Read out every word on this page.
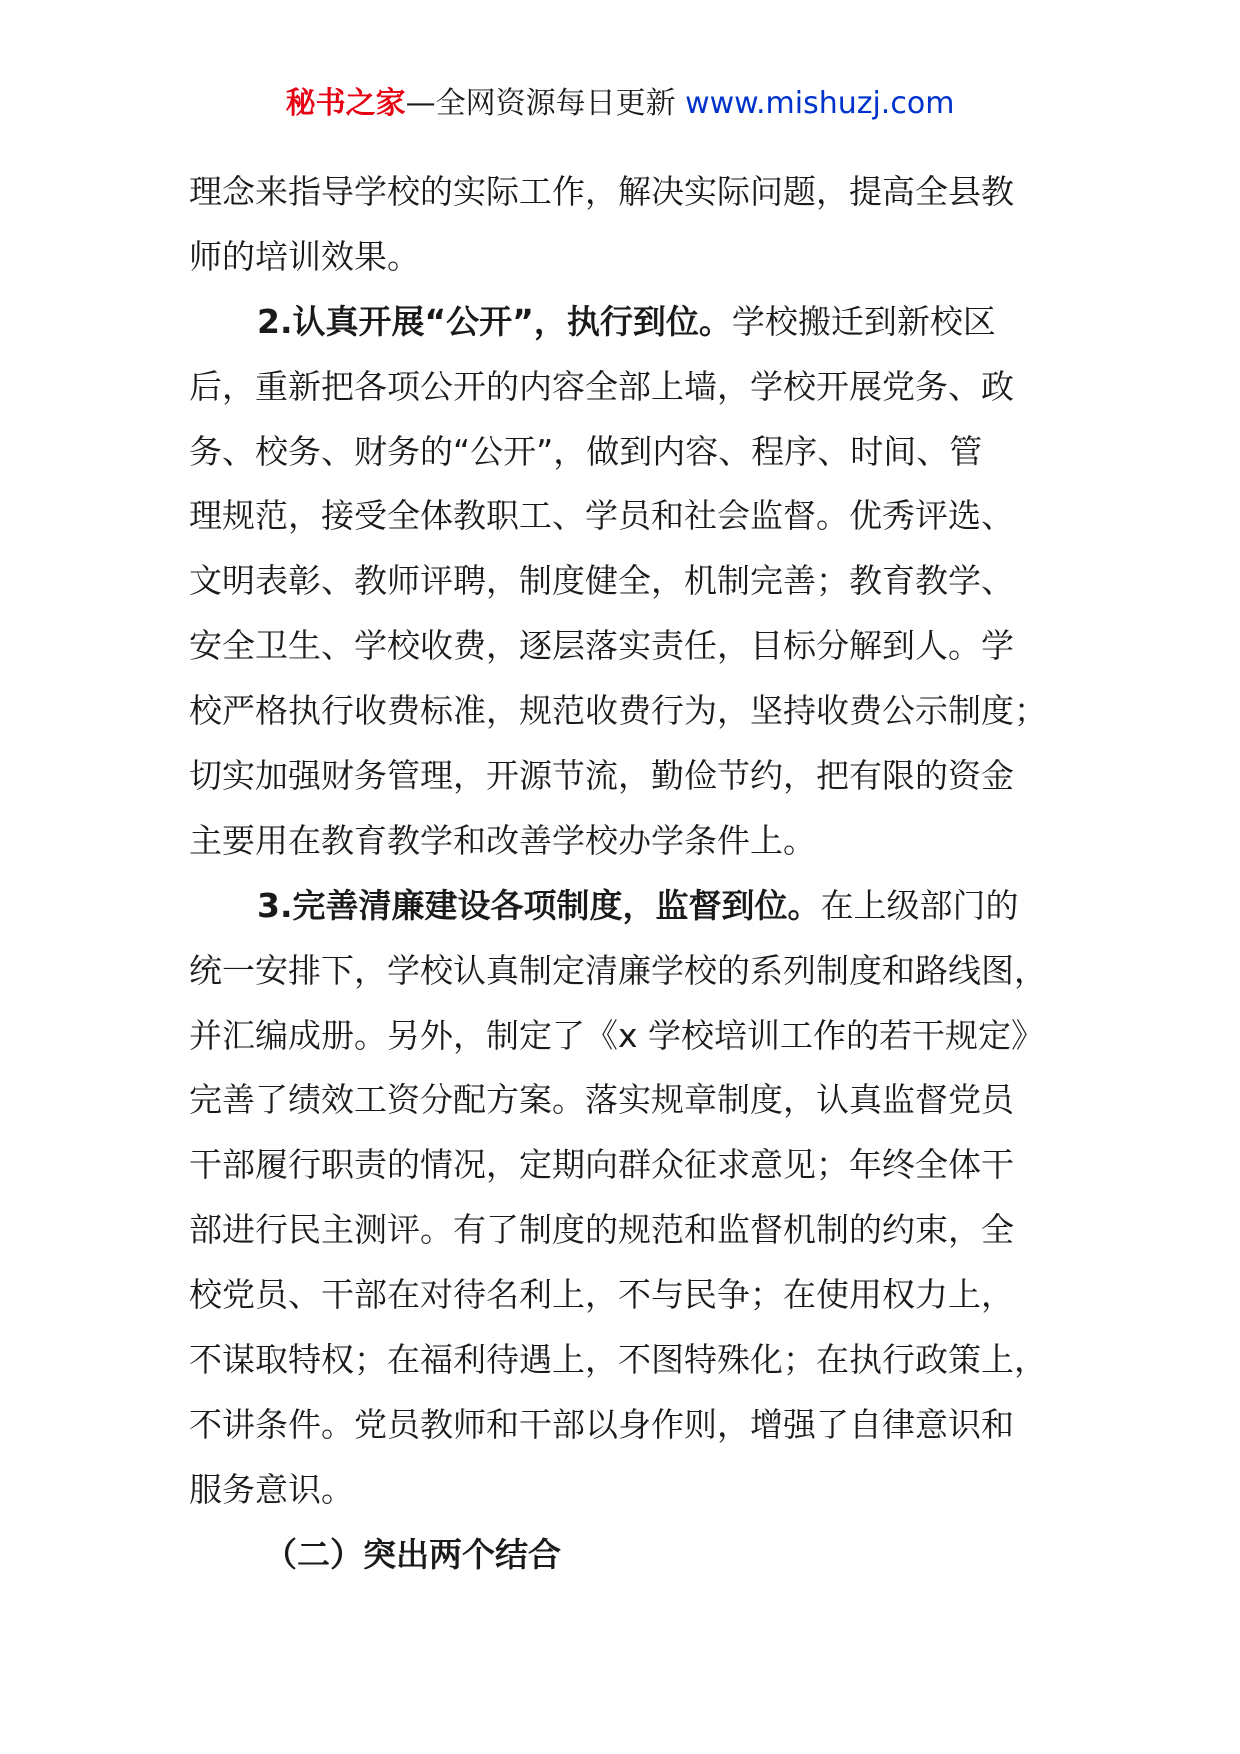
秘书之家—全网资源每日更新 www.mishuzj.com
理念来指导学校的实际工作，解决实际问题，提高全县教
师的培训效果。
2.认真开展“公开”，执行到位。学校搬迁到新校区
后，重新把各项公开的内容全部上墙，学校开展党务、政
务、校务、财务的“公开”，做到内容、程序、时间、管
理规范，接受全体教职工、学员和社会监督。优秀评选、
文明表彰、教师评聘，制度健全，机制完善；教育教学、
安全卫生、学校收费，逐层落实责任，目标分解到人。学
校严格执行收费标准，规范收费行为，坚持收费公示制度；
切实加强财务管理，开源节流，勤俭节约，把有限的资金
主要用在教育教学和改善学校办学条件上。
3.完善清廉建设各项制度，监督到位。在上级部门的
统一安排下，学校认真制定清廉学校的系列制度和路线图，
并汇编成册。另外，制定了《x 学校培训工作的若干规定》
完善了绩效工资分配方案。落实规章制度，认真监督党员
干部履行职责的情况，定期向群众征求意见；年终全体干
部进行民主测评。有了制度的规范和监督机制的约束，全
校党员、干部在对待名利上，不与民争；在使用权力上，
不谋取特权；在福利待遇上，不图特殊化；在执行政策上，
不讲条件。党员教师和干部以身作则，增强了自律意识和
服务意识。
（二）突出两个结合
